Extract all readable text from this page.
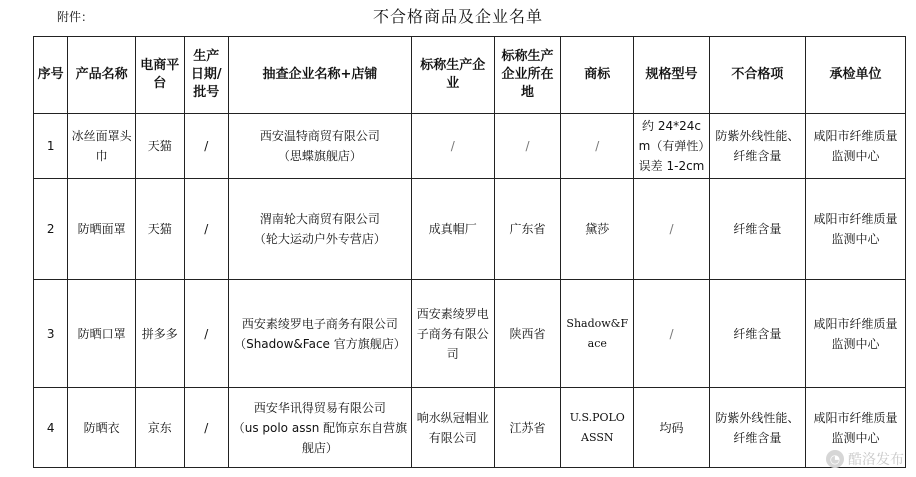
附件：	不合格商品及企业名单
序号	产品名称	电商平台	生产日期/批号	抽查企业名称+店铺	标称生产企业	标称生产企业所在地	商标	规格型号	不合格项	承检单位
1	冰丝面罩头巾	天猫	/	西安温特商贸有限公司
（思蝶旗舰店）	/	/	/	约 24*24cm（有弹性）误差 1-2cm	防紫外线性能、纤维含量	咸阳市纤维质量监测中心
2	防晒面罩	天猫	/	渭南轮大商贸有限公司
（轮大运动户外专营店）	成真帽厂	广东省	黛莎	/	纤维含量	咸阳市纤维质量监测中心
3	防晒口罩	拼多多	/	西安素绫罗电子商务有限公司
（Shadow&Face 官方旗舰店）	西安素绫罗电子商务有限公司	陕西省	Shadow&Face	/	纤维含量	咸阳市纤维质量监测中心
4	防晒衣	京东	/	西安华讯得贸易有限公司
（us polo assn 配饰京东自营旗舰店）	响水纵冠帽业有限公司	江苏省	U.S.POLO ASSN	均码	防紫外线性能、纤维含量	咸阳市纤维质量监测中心
◔ 酷洛发布
